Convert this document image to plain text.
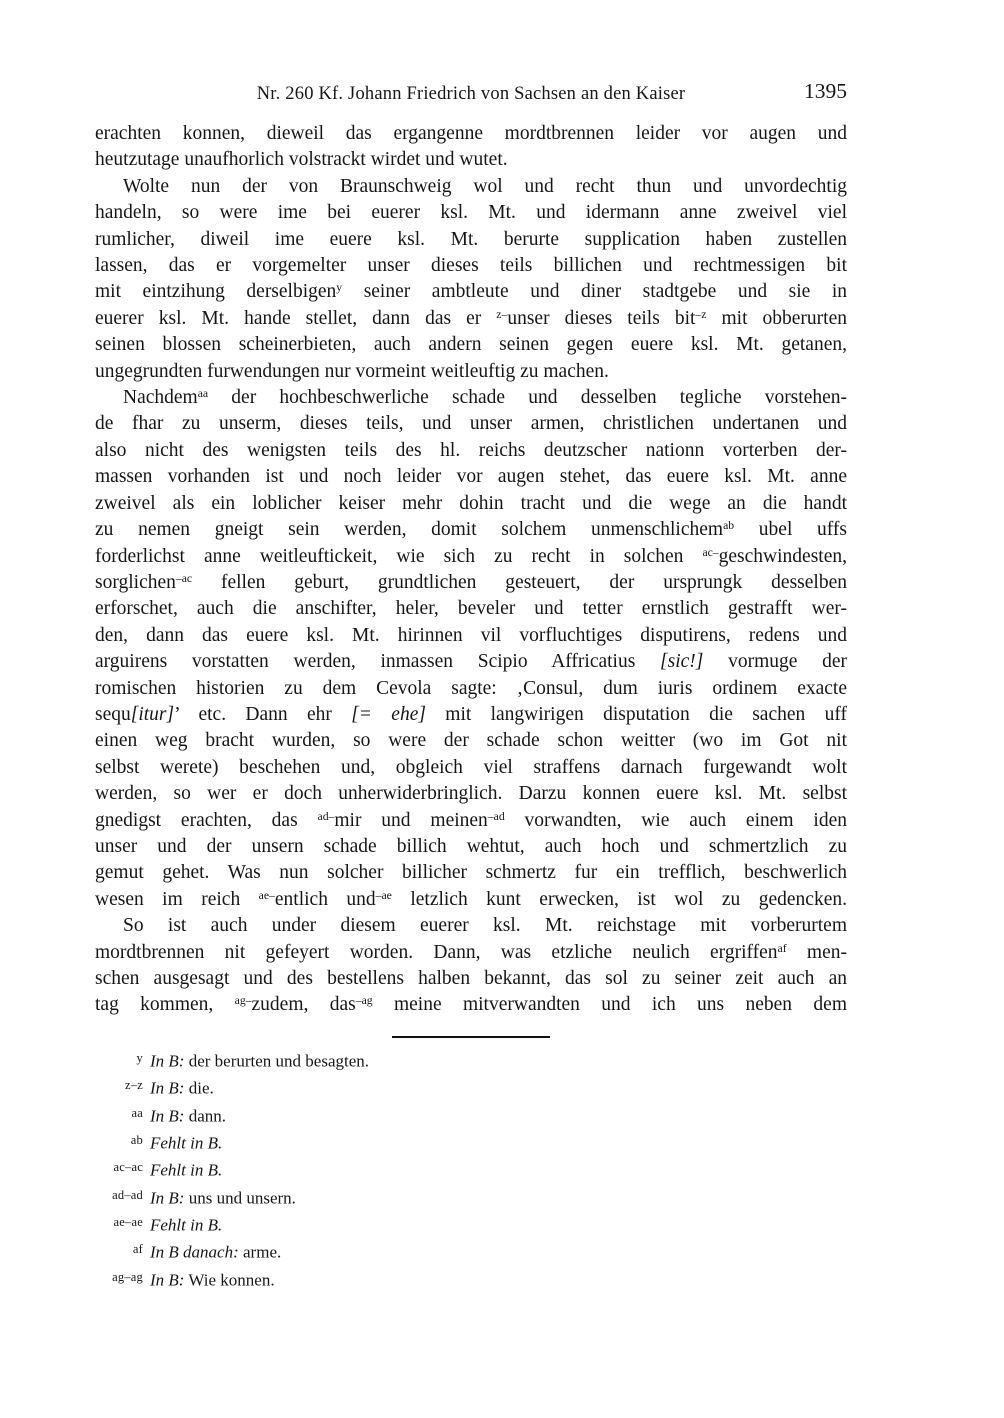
Nr. 260 Kf. Johann Friedrich von Sachsen an den Kaiser	1395
erachten konnen, dieweil das ergangenne mordtbrennen leider vor augen und
heutzutage unaufhorlich volstrackt wirdet und wutet.
Wolte nun der von Braunschweig wol und recht thun und unvordechtig
handeln, so were ime bei euerer ksl. Mt. und idermann anne zweivel viel
rumlicher, diweil ime euere ksl. Mt. berurte supplication haben zustellen
lassen, das er vorgemelter unser dieses teils billichen und rechtmessigen bit
mit eintzihung derselbigen$^y$ seiner ambtleute und diner stadtgebe und sie in
euerer ksl. Mt. hande stellet, dann das er $^{z-}$unser dieses teils bit$^{-z}$ mit obberurten
seinen blossen scheinerbieten, auch andern seinen gegen euere ksl. Mt. getanen,
ungegrundten furwendungen nur vormeint weitleuftig zu machen.
Nachdem$^{aa}$ der hochbeschwerliche schade und desselben tegliche vorstehen-
de fhar zu unserm, dieses teils, und unser armen, christlichen undertanen und
also nicht des wenigsten teils des hl. reichs deutzscher nationn vorterben der-
massen vorhanden ist und noch leider vor augen stehet, das euere ksl. Mt. anne
zweivel als ein loblicher keiser mehr dohin tracht und die wege an die handt
zu nemen gneigt sein werden, domit solchem unmenschlichem$^{ab}$ ubel uffs
forderlichst anne weitleuftickeit, wie sich zu recht in solchen $^{ac-}$geschwindesten,
sorglichen$^{-ac}$ fellen geburt, grundtlichen gesteuert, der ursprungk desselben
erforschet, auch die anschifter, heler, beveler und tetter ernstlich gestrafft wer-
den, dann das euere ksl. Mt. hirinnen vil vorfluchtiges disputirens, redens und
arguirens vorstatten werden, inmassen Scipio Affricatius [sic!] vormuge der
romischen historien zu dem Cevola sagte: ‚Consul, dum iuris ordinem exacte
sequ[itur]’ etc. Dann ehr [= ehe] mit langwirigen disputation die sachen uff
einen weg bracht wurden, so were der schade schon weitter (wo im Got nit
selbst werete) beschehen und, obgleich viel straffens darnach furgewandt wolt
werden, so wer er doch unherwiderbringlich. Darzu konnen euere ksl. Mt. selbst
gnedigst erachten, das $^{ad-}$mir und meinen$^{-ad}$ vorwandten, wie auch einem iden
unser und der unsern schade billich wehtut, auch hoch und schmertzlich zu
gemut gehet. Was nun solcher billicher schmertz fur ein trefflich, beschwerlich
wesen im reich $^{ae-}$entlich und$^{-ae}$ letzlich kunt erwecken, ist wol zu gedencken.
So ist auch under diesem euerer ksl. Mt. reichstage mit vorberurtem
mordtbrennen nit gefeyert worden. Dann, was etzliche neulich ergriffen$^{af}$ men-
schen ausgesagt und des bestellens halben bekannt, das sol zu seiner zeit auch an
tag kommen, $^{ag-}$zudem, das$^{-ag}$ meine mitverwandten und ich uns neben dem
y In B: der berurten und besagten.
z–z In B: die.
aa In B: dann.
ab Fehlt in B.
ac–ac Fehlt in B.
ad–ad In B: uns und unsern.
ae–ae Fehlt in B.
af In B danach: arme.
ag–ag In B: Wie konnen.
